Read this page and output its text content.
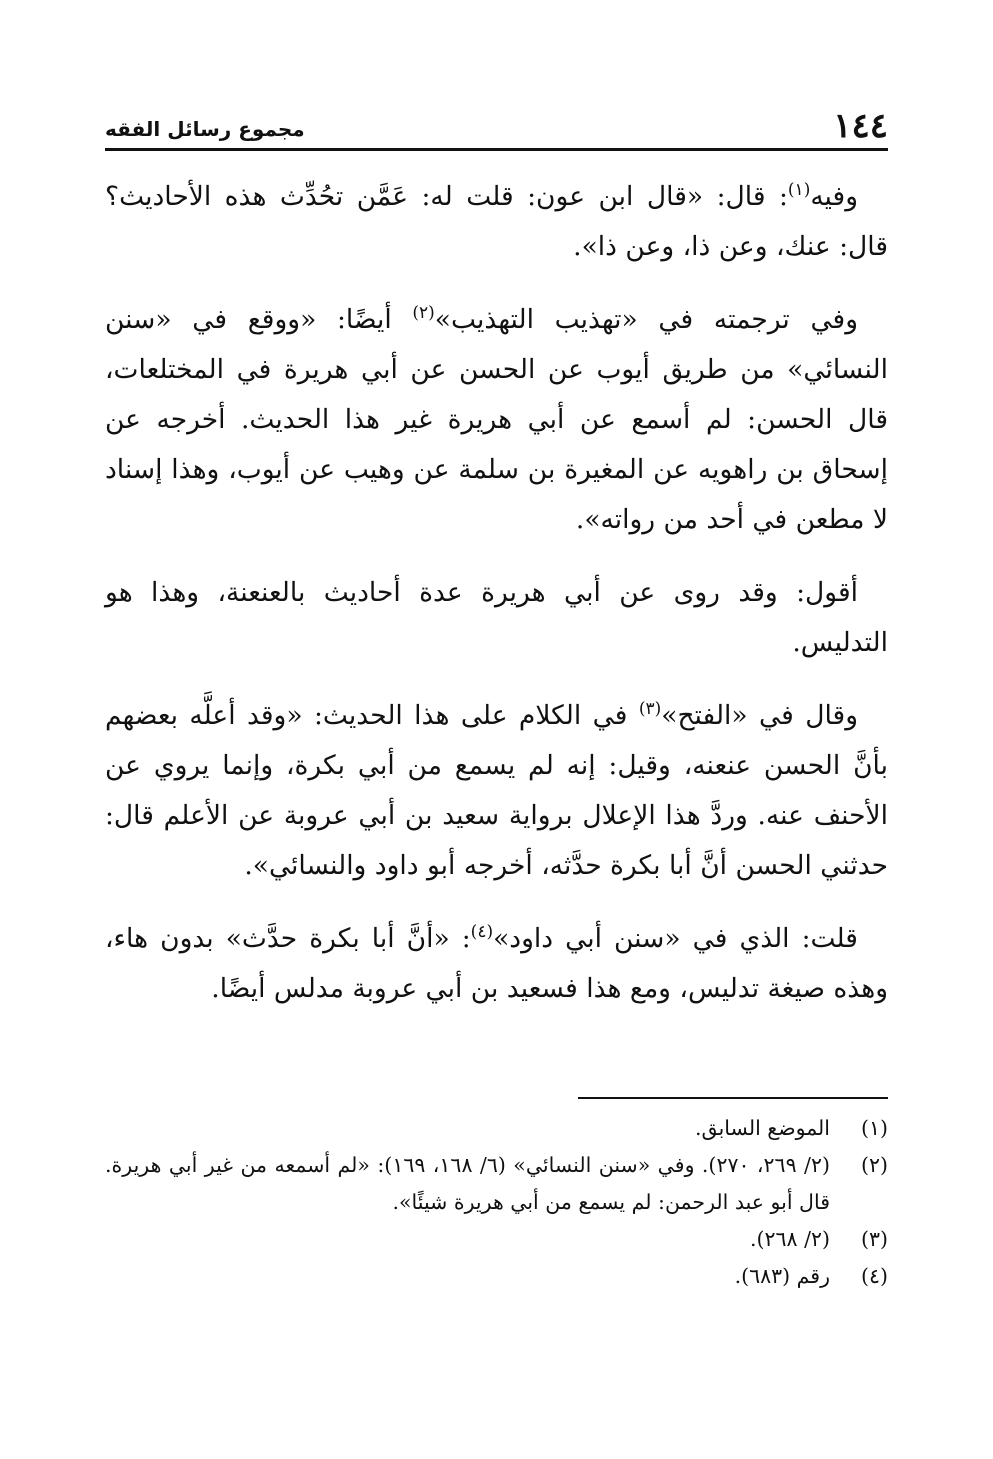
١٤٤
مجموع رسائل الفقه

وفيه$^{(١)}$: قال: «قال ابن عون: قلت له: عَمَّن تحُدِّث هذه الأحاديث؟ قال: عنك، وعن ذا، وعن ذا».

وفي ترجمته في «تهذيب التهذيب»$^{(٢)}$ أيضًا: «ووقع في «سنن النسائي» من طريق أيوب عن الحسن عن أبي هريرة في المختلعات، قال الحسن: لم أسمع عن أبي هريرة غير هذا الحديث. أخرجه عن إسحاق بن راهويه عن المغيرة بن سلمة عن وهيب عن أيوب، وهذا إسناد لا مطعن في أحد من رواته».

أقول: وقد روى عن أبي هريرة عدة أحاديث بالعنعنة، وهذا هو التدليس.

وقال في «الفتح»$^{(٣)}$ في الكلام على هذا الحديث: «وقد أعلَّه بعضهم بأنَّ الحسن عنعنه، وقيل: إنه لم يسمع من أبي بكرة، وإنما يروي عن الأحنف عنه. وردَّ هذا الإعلال برواية سعيد بن أبي عروبة عن الأعلم قال: حدثني الحسن أنَّ أبا بكرة حدَّثه، أخرجه أبو داود والنسائي».

قلت: الذي في «سنن أبي داود»$^{(٤)}$: «أنَّ أبا بكرة حدَّث» بدون هاء، وهذه صيغة تدليس، ومع هذا فسعيد بن أبي عروبة مدلس أيضًا.

(١)
الموضع السابق.
(٢)
(٢/ ٢٦٩، ٢٧٠). وفي «سنن النسائي» (٦/ ١٦٨، ١٦٩): «لم أسمعه من غير أبي هريرة. قال أبو عبد الرحمن: لم يسمع من أبي هريرة شيئًا».
(٣)
(٢/ ٢٦٨).
(٤)
رقم (٦٨٣).
